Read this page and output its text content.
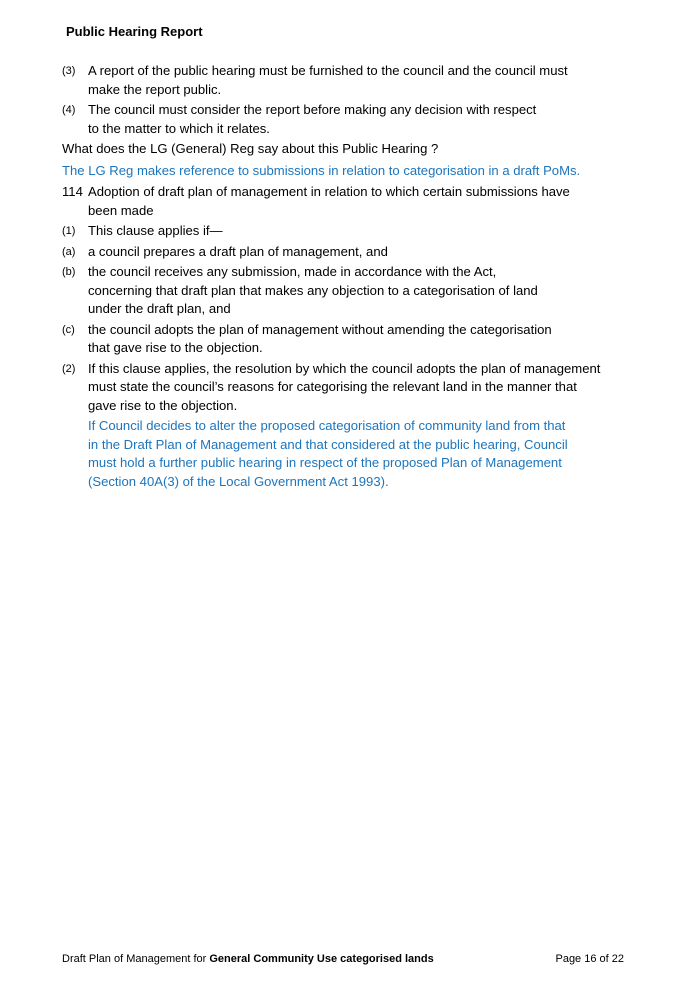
Public Hearing Report
(3) A report of the public hearing must be furnished to the council and the council must
make the report public.
(4) The council must consider the report before making any decision with respect
to the matter to which it relates.
What does the LG (General) Reg say about this Public Hearing ?
The LG Reg makes reference to submissions in relation to categorisation in a draft PoMs.
114 Adoption of draft plan of management in relation to which certain submissions have
been made
(1) This clause applies if—
(a) a council prepares a draft plan of management, and
(b) the council receives any submission, made in accordance with the Act,
concerning that draft plan that makes any objection to a categorisation of land
under the draft plan, and
(c)	the council adopts the plan of management without amending the categorisation
that gave rise to the objection.
(2) If this clause applies, the resolution by which the council adopts the plan of management
must state the council’s reasons for categorising the relevant land in the manner that
gave rise to the objection.
If Council decides to alter the proposed categorisation of community land from that
in the Draft Plan of Management and that considered at the public hearing, Council
must hold a further public hearing in respect of the proposed Plan of Management
(Section 40A(3) of the Local Government Act 1993).
Draft Plan of Management for General Community Use categorised lands	Page 16 of 22
